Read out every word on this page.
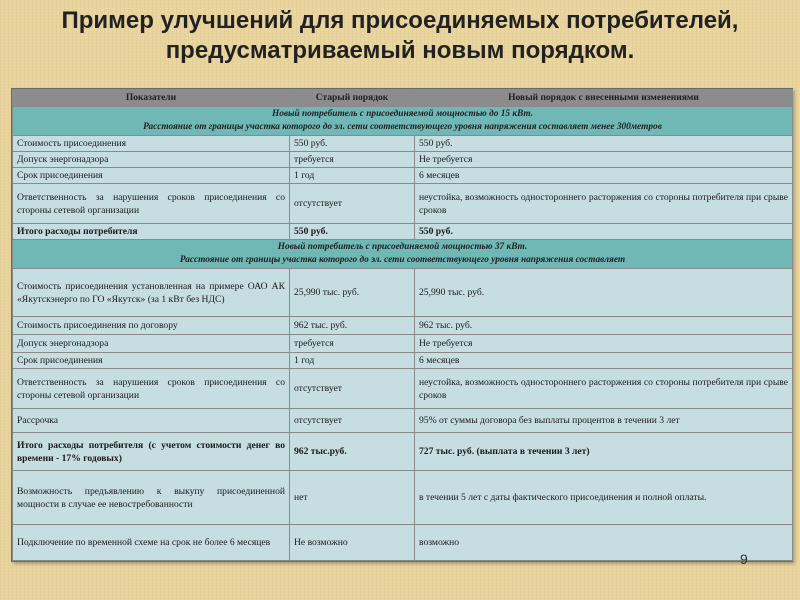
Пример улучшений для присоединяемых потребителей,
предусматриваемый новым порядком.
Показатели	Старый порядок	Новый порядок с внесенными изменениями

Новый потребитель с присоединяемой мощностью до 15 кВт.
Расстояние от границы участка которого до эл. сети соответствующего уровня напряжения составляет менее 300метров		

Стоимость присоединения	550 руб.	550 руб.
Допуск энергонадзора	требуется	Не требуется
Срок присоединения	1 год	6 месяцев
Ответственность за нарушения сроков присоединения со стороны сетевой организации	отсутствует	неустойка, возможность одностороннего расторжения со стороны потребителя при срыве сроков
Итого расходы потребителя	550 руб.	550 руб.

Новый потребитель с присоединяемой мощностью 37 кВт.
Расстояние от границы участка которого до эл. сети соответствующего уровня напряжения составляет		

Стоимость присоединения установленная на примере ОАО АК «Якутскэнерго по ГО «Якутск» (за 1 кВт без НДС)	25,990 тыс. руб.	25,990 тыс. руб.
Стоимость присоединения по договору	962 тыс. руб.	962 тыс. руб.
Допуск энергонадзора	требуется	Не требуется
Срок присоединения	1 год	6 месяцев
Ответственность за нарушения сроков присоединения со стороны сетевой организации	отсутствует	неустойка, возможность одностороннего расторжения со стороны потребителя при срыве сроков
Рассрочка	отсутствует	95% от суммы договора без выплаты процентов в течении 3 лет
Итого расходы потребителя (с учетом стоимости денег во времени - 17% годовых)	962 тыс.руб.	727 тыс. руб. (выплата в течении 3 лет)
Возможность предъявлению к выкупу присоединенной мощности в случае ее невостребованности	нет	в течении 5 лет с даты фактического присоединения и полной оплаты.
Подключение по временной схеме на срок не более 6 месяцев	Не возможно	возможно
9
